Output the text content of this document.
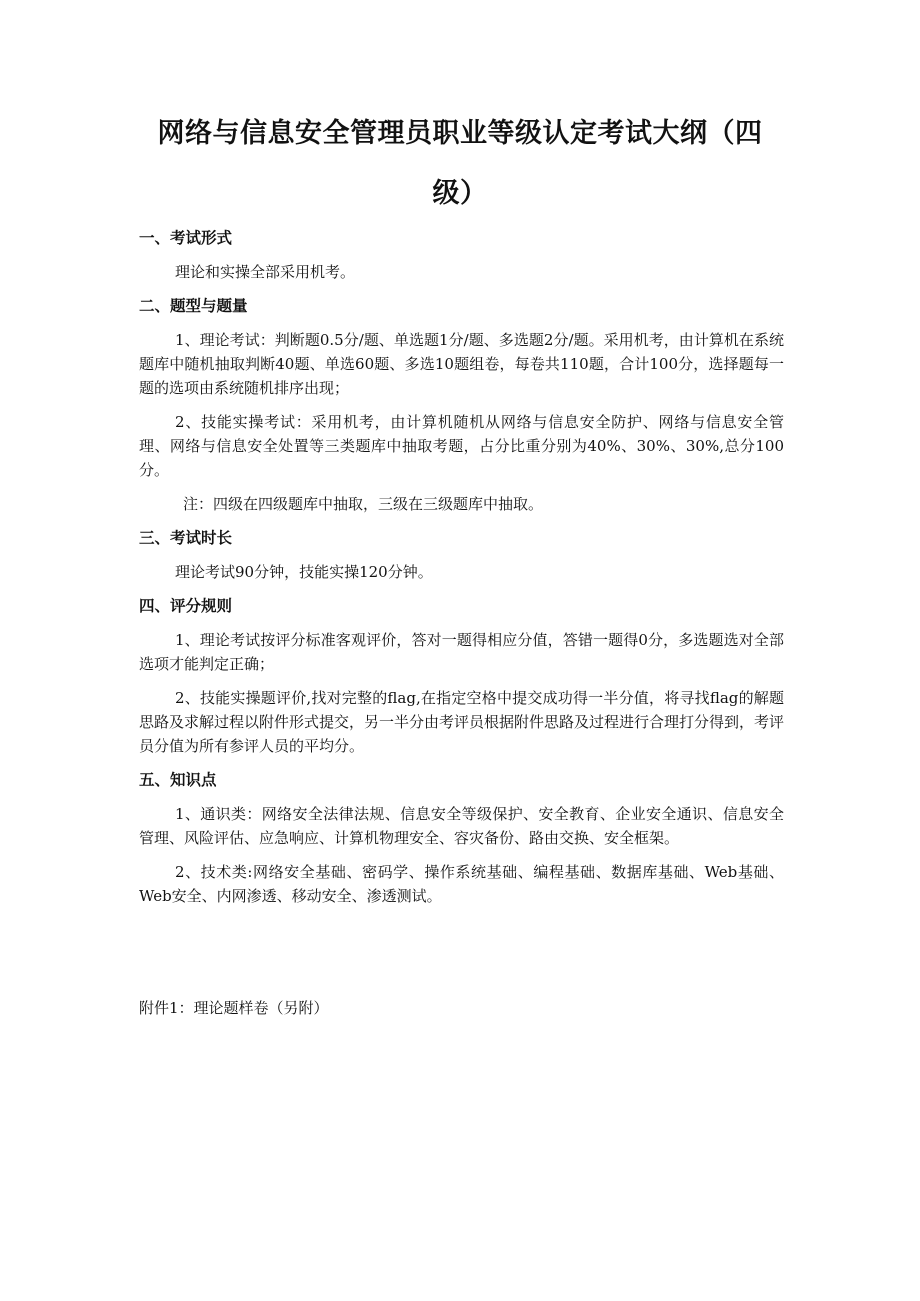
网络与信息安全管理员职业等级认定考试大纲（四级）
一、考试形式
理论和实操全部采用机考。
二、题型与题量
1、理论考试：判断题0.5分/题、单选题1分/题、多选题2分/题。采用机考，由计算机在系统题库中随机抽取判断40题、单选60题、多选10题组卷，每卷共110题，合计100分，选择题每一题的选项由系统随机排序出现；
2、技能实操考试：采用机考，由计算机随机从网络与信息安全防护、网络与信息安全管理、网络与信息安全处置等三类题库中抽取考题，占分比重分别为40%、30%、30%,总分100分。
注：四级在四级题库中抽取，三级在三级题库中抽取。
三、考试时长
理论考试90分钟，技能实操120分钟。
四、评分规则
1、理论考试按评分标准客观评价，答对一题得相应分值，答错一题得0分，多选题选对全部选项才能判定正确；
2、技能实操题评价,找对完整的flag,在指定空格中提交成功得一半分值，将寻找flag的解题思路及求解过程以附件形式提交，另一半分由考评员根据附件思路及过程进行合理打分得到，考评员分值为所有参评人员的平均分。
五、知识点
1、通识类：网络安全法律法规、信息安全等级保护、安全教育、企业安全通识、信息安全管理、风险评估、应急响应、计算机物理安全、容灾备份、路由交换、安全框架。
2、技术类:网络安全基础、密码学、操作系统基础、编程基础、数据库基础、Web基础、Web安全、内网渗透、移动安全、渗透测试。
附件1：理论题样卷（另附）
